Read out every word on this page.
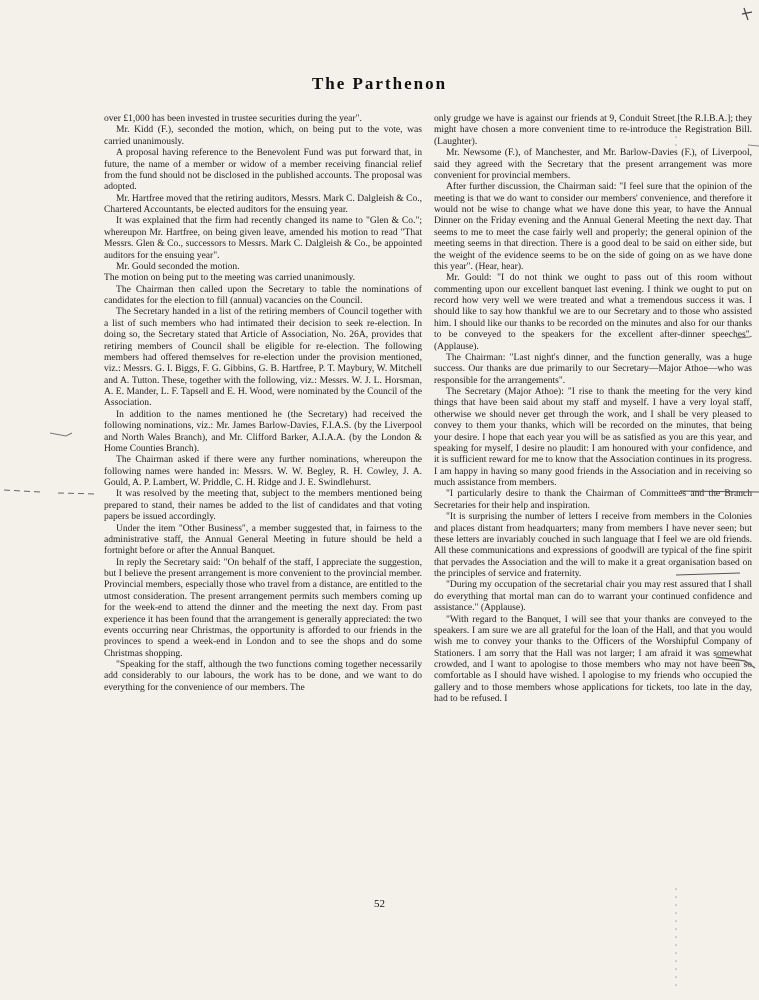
The Parthenon

over £1,000 has been invested in trustee securities during the year".

Mr. Kidd (F.), seconded the motion, which, on being put to the vote, was carried unanimously.

A proposal having reference to the Benevolent Fund was put forward that, in future, the name of a member or widow of a member receiving financial relief from the fund should not be disclosed in the published accounts. The proposal was adopted.

Mr. Hartfree moved that the retiring auditors, Messrs. Mark C. Dalgleish & Co., Chartered Accountants, be elected auditors for the ensuing year.

It was explained that the firm had recently changed its name to "Glen & Co."; whereupon Mr. Hartfree, on being given leave, amended his motion to read "That Messrs. Glen & Co., successors to Messrs. Mark C. Dalgleish & Co., be appointed auditors for the ensuing year".

Mr. Gould seconded the motion.

The motion on being put to the meeting was carried unanimously.

The Chairman then called upon the Secretary to table the nominations of candidates for the election to fill (annual) vacancies on the Council.

The Secretary handed in a list of the retiring members of Council together with a list of such members who had intimated their decision to seek re-election. In doing so, the Secretary stated that Article of Association, No. 26A, provides that retiring members of Council shall be eligible for re-election. The following members had offered themselves for re-election under the provision mentioned, viz.: Messrs. G. I. Biggs, F. G. Gibbins, G. B. Hartfree, P. T. Maybury, W. Mitchell and A. Tutton. These, together with the following, viz.: Messrs. W. J. L. Horsman, A. E. Mander, L. F. Tapsell and E. H. Wood, were nominated by the Council of the Association.

In addition to the names mentioned he (the Secretary) had received the following nominations, viz.: Mr. James Barlow-Davies, F.I.A.S. (by the Liverpool and North Wales Branch), and Mr. Clifford Barker, A.I.A.A. (by the London & Home Counties Branch).

The Chairman asked if there were any further nominations, whereupon the following names were handed in: Messrs. W. W. Begley, R. H. Cowley, J. A. Gould, A. P. Lambert, W. Priddle, C. H. Ridge and J. E. Swindlehurst.

It was resolved by the meeting that, subject to the members mentioned being prepared to stand, their names be added to the list of candidates and that voting papers be issued accordingly.

Under the item "Other Business", a member suggested that, in fairness to the administrative staff, the Annual General Meeting in future should be held a fortnight before or after the Annual Banquet.

In reply the Secretary said: "On behalf of the staff, I appreciate the suggestion, but I believe the present arrangement is more convenient to the provincial member. Provincial members, especially those who travel from a distance, are entitled to the utmost consideration. The present arrangement permits such members coming up for the week-end to attend the dinner and the meeting the next day. From past experience it has been found that the arrangement is generally appreciated: the two events occurring near Christmas, the opportunity is afforded to our friends in the provinces to spend a week-end in London and to see the shops and do some Christmas shopping.

"Speaking for the staff, although the two functions coming together necessarily add considerably to our labours, the work has to be done, and we want to do everything for the convenience of our members. The

only grudge we have is against our friends at 9, Conduit Street [the R.I.B.A.]; they might have chosen a more convenient time to re-introduce the Registration Bill. (Laughter).

Mr. Newsome (F.), of Manchester, and Mr. Barlow-Davies (F.), of Liverpool, said they agreed with the Secretary that the present arrangement was more convenient for provincial members.

After further discussion, the Chairman said: "I feel sure that the opinion of the meeting is that we do want to consider our members' convenience, and therefore it would not be wise to change what we have done this year, to have the Annual Dinner on the Friday evening and the Annual General Meeting the next day. That seems to me to meet the case fairly well and properly; the general opinion of the meeting seems in that direction. There is a good deal to be said on either side, but the weight of the evidence seems to be on the side of going on as we have done this year". (Hear, hear).

Mr. Gould: "I do not think we ought to pass out of this room without commenting upon our excellent banquet last evening. I think we ought to put on record how very well we were treated and what a tremendous success it was. I should like to say how thankful we are to our Secretary and to those who assisted him. I should like our thanks to be recorded on the minutes and also for our thanks to be conveyed to the speakers for the excellent after-dinner speeches". (Applause).

The Chairman: "Last night's dinner, and the function generally, was a huge success. Our thanks are due primarily to our Secretary—Major Athoe—who was responsible for the arrangements".

The Secretary (Major Athoe): "I rise to thank the meeting for the very kind things that have been said about my staff and myself. I have a very loyal staff, otherwise we should never get through the work, and I shall be very pleased to convey to them your thanks, which will be recorded on the minutes, that being your desire. I hope that each year you will be as satisfied as you are this year, and speaking for myself, I desire no plaudit: I am honoured with your confidence, and it is sufficient reward for me to know that the Association continues in its progress. I am happy in having so many good friends in the Association and in receiving so much assistance from members.

"I particularly desire to thank the Chairman of Committees and the Branch Secretaries for their help and inspiration.

"It is surprising the number of letters I receive from members in the Colonies and places distant from headquarters; many from members I have never seen; but these letters are invariably couched in such language that I feel we are old friends. All these communications and expressions of goodwill are typical of the fine spirit that pervades the Association and the will to make it a great organisation based on the principles of service and fraternity.

"During my occupation of the secretarial chair you may rest assured that I shall do everything that mortal man can do to warrant your continued confidence and assistance." (Applause).

"With regard to the Banquet, I will see that your thanks are conveyed to the speakers. I am sure we are all grateful for the loan of the Hall, and that you would wish me to convey your thanks to the Officers of the Worshipful Company of Stationers. I am sorry that the Hall was not larger; I am afraid it was somewhat crowded, and I want to apologise to those members who may not have been so comfortable as I should have wished. I apologise to my friends who occupied the gallery and to those members whose applications for tickets, too late in the day, had to be refused. I

52
